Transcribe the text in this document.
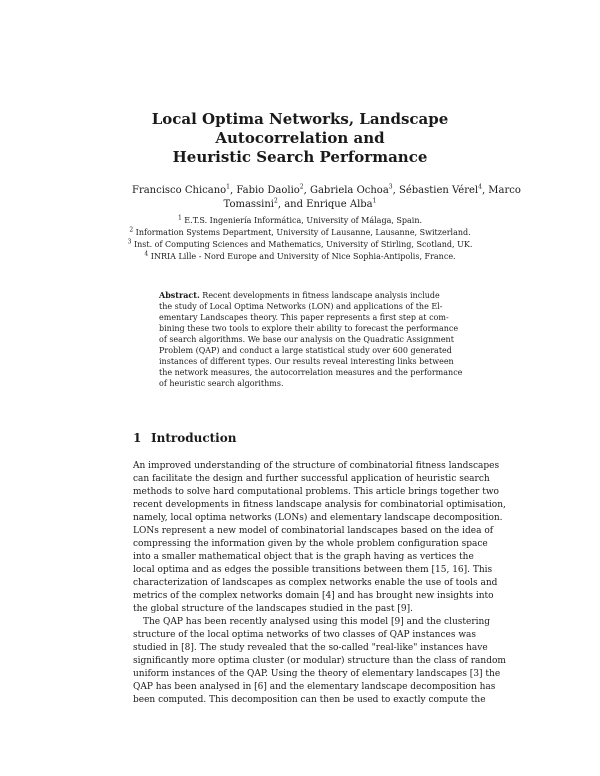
Local Optima Networks, Landscape
Autocorrelation and
Heuristic Search Performance
Francisco Chicano$^1$, Fabio Daolio$^2$, Gabriela Ochoa$^3$, Sébastien Vérel$^4$, Marco
Tomassini$^2$, and Enrique Alba$^1$
$^1$ E.T.S. Ingeniería Informática, University of Málaga, Spain.
$^2$ Information Systems Department, University of Lausanne, Lausanne, Switzerland.
$^3$ Inst. of Computing Sciences and Mathematics, University of Stirling, Scotland, UK.
$^4$ INRIA Lille - Nord Europe and University of Nice Sophia-Antipolis, France.
Abstract. Recent developments in fitness landscape analysis include
the study of Local Optima Networks (LON) and applications of the El-
ementary Landscapes theory. This paper represents a first step at com-
bining these two tools to explore their ability to forecast the performance
of search algorithms. We base our analysis on the Quadratic Assignment
Problem (QAP) and conduct a large statistical study over 600 generated
instances of different types. Our results reveal interesting links between
the network measures, the autocorrelation measures and the performance
of heuristic search algorithms.
1 Introduction
An improved understanding of the structure of combinatorial fitness landscapes
can facilitate the design and further successful application of heuristic search
methods to solve hard computational problems. This article brings together two
recent developments in fitness landscape analysis for combinatorial optimisation,
namely, local optima networks (LONs) and elementary landscape decomposition.
LONs represent a new model of combinatorial landscapes based on the idea of
compressing the information given by the whole problem configuration space
into a smaller mathematical object that is the graph having as vertices the
local optima and as edges the possible transitions between them [15, 16]. This
characterization of landscapes as complex networks enable the use of tools and
metrics of the complex networks domain [4] and has brought new insights into
the global structure of the landscapes studied in the past [9].
The QAP has been recently analysed using this model [9] and the clustering
structure of the local optima networks of two classes of QAP instances was
studied in [8]. The study revealed that the so-called "real-like" instances have
significantly more optima cluster (or modular) structure than the class of random
uniform instances of the QAP. Using the theory of elementary landscapes [3] the
QAP has been analysed in [6] and the elementary landscape decomposition has
been computed. This decomposition can then be used to exactly compute the
